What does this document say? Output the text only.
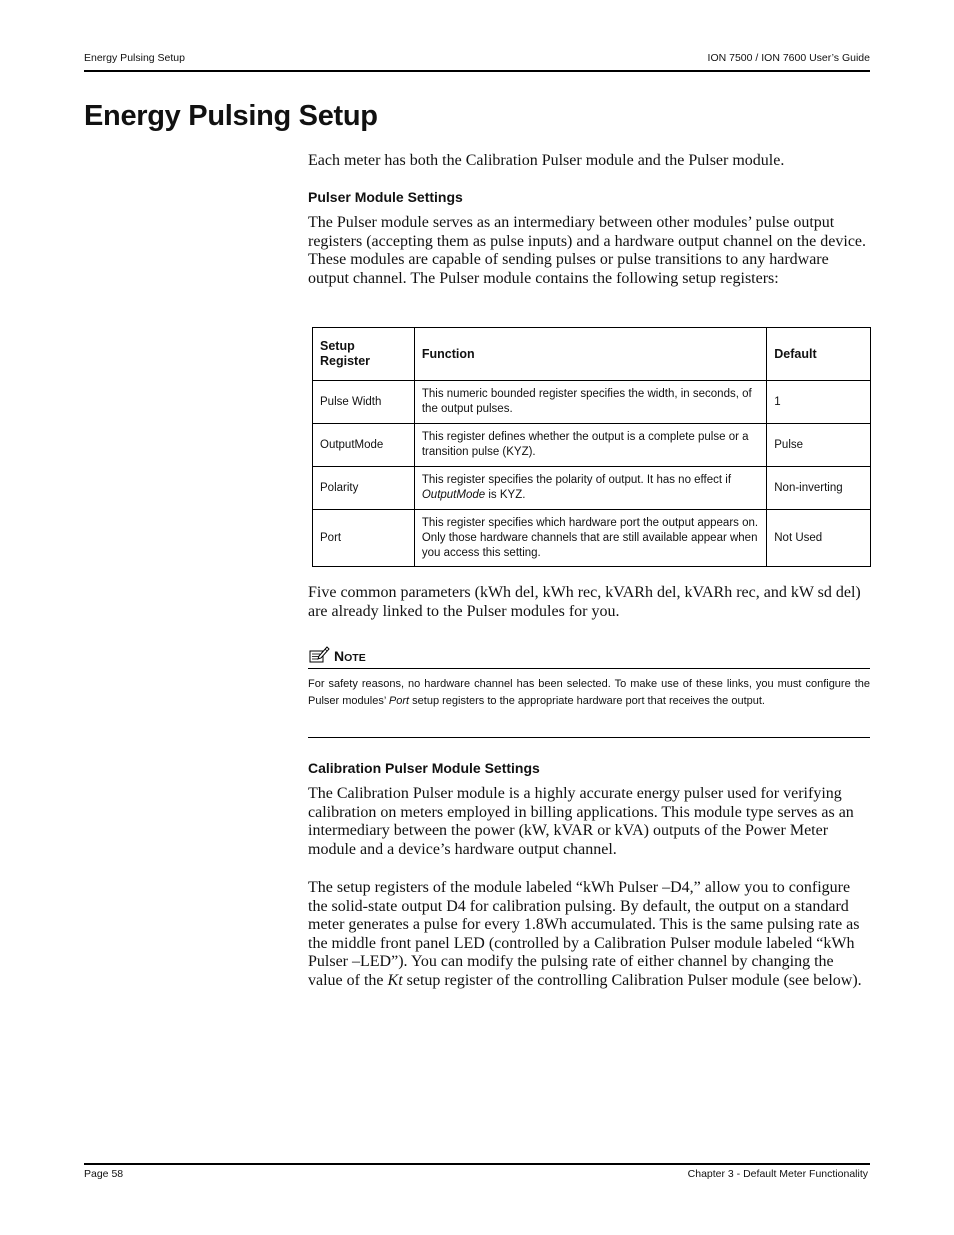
Energy Pulsing Setup	ION 7500 / ION 7600 User’s Guide
Energy Pulsing Setup

Each meter has both the Calibration Pulser module and the Pulser module.

Pulser Module Settings

The Pulser module serves as an intermediary between other modules’ pulse output registers (accepting them as pulse inputs) and a hardware output channel on the device. These modules are capable of sending pulses or pulse transitions to any hardware output channel. The Pulser module contains the following setup registers:

Setup Register	Function	Default
Pulse Width	This numeric bounded register specifies the width, in seconds, of the output pulses.	1
OutputMode	This register defines whether the output is a complete pulse or a transition pulse (KYZ).	Pulse
Polarity	This register specifies the polarity of output. It has no effect if OutputMode is KYZ.	Non-inverting
Port	This register specifies which hardware port the output appears on. Only those hardware channels that are still available appear when you access this setting.	Not Used

Five common parameters (kWh del, kWh rec, kVARh del, kVARh rec, and kW sd del) are already linked to the Pulser modules for you.

NOTE

For safety reasons, no hardware channel has been selected. To make use of these links, you must configure the Pulser modules’ Port setup registers to the appropriate hardware port that receives the output.

Calibration Pulser Module Settings

The Calibration Pulser module is a highly accurate energy pulser used for verifying calibration on meters employed in billing applications. This module type serves as an intermediary between the power (kW, kVAR or kVA) outputs of the Power Meter module and a device’s hardware output channel.

The setup registers of the module labeled “kWh Pulser –D4,” allow you to configure the solid-state output D4 for calibration pulsing. By default, the output on a standard meter generates a pulse for every 1.8Wh accumulated. This is the same pulsing rate as the middle front panel LED (controlled by a Calibration Pulser module labeled “kWh Pulser –LED”). You can modify the pulsing rate of either channel by changing the value of the Kt setup register of the controlling Calibration Pulser module (see below).

Page 58	Chapter 3 - Default Meter Functionality
